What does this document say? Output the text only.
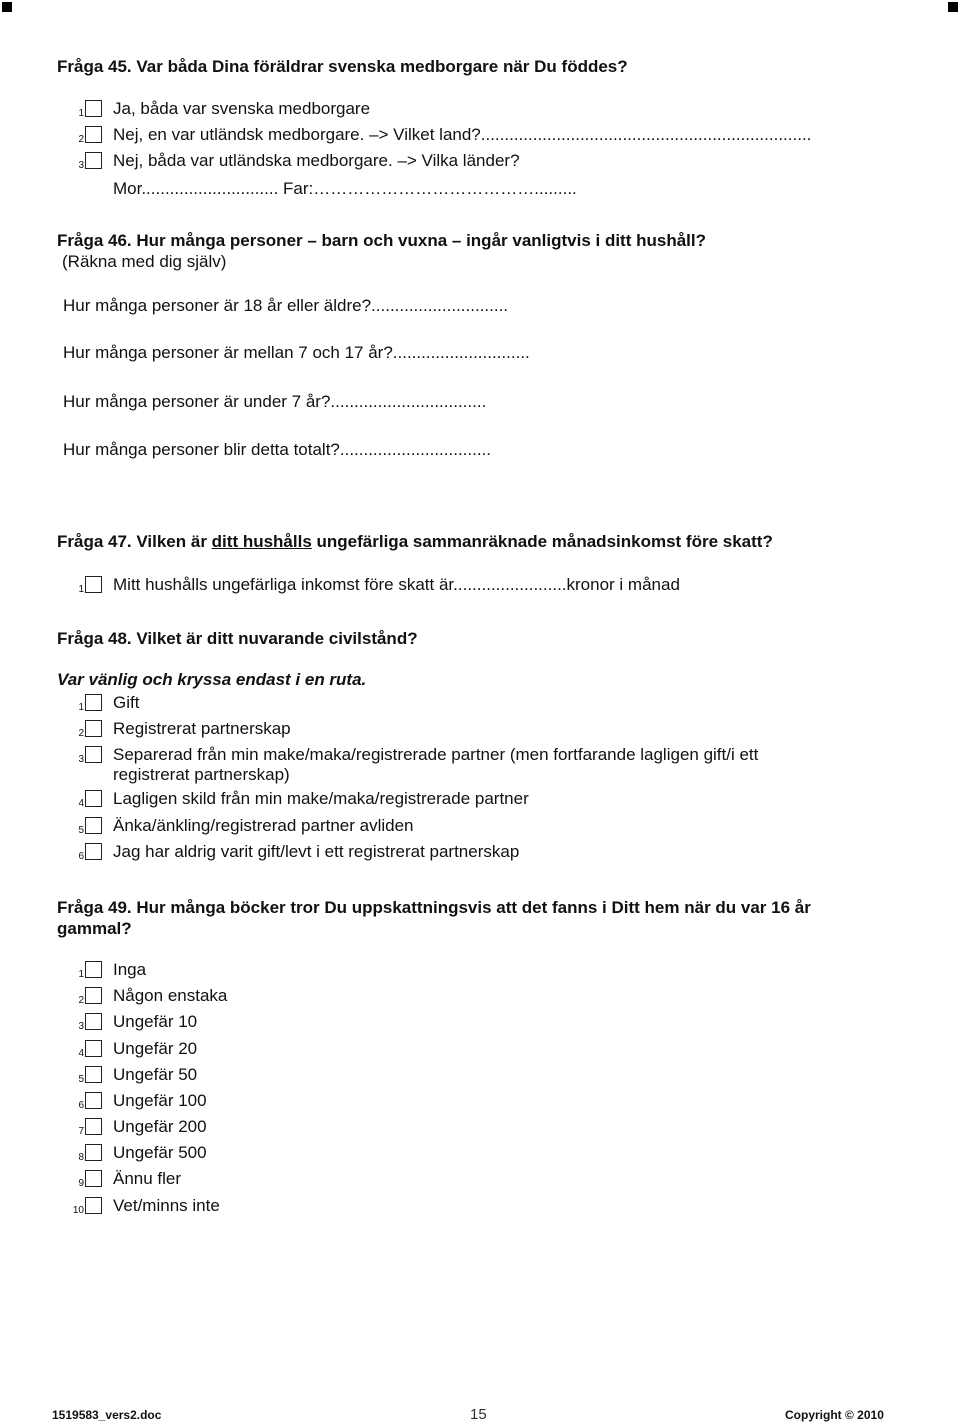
Fråga 45. Var båda Dina föräldrar svenska medborgare när Du föddes?
1 Ja, båda var svenska medborgare
2 Nej, en var utländsk medborgare. –> Vilket land?......................................................................
3 Nej, båda var utländska medborgare. –> Vilka länder?
Mor............................. Far:………………………………….........
Fråga 46. Hur många personer – barn och vuxna – ingår vanligtvis i ditt hushåll?
(Räkna med dig själv)
Hur många personer är 18 år eller äldre?.............................
Hur många personer är mellan 7 och 17 år?.............................
Hur många personer är under 7 år?.................................
Hur många personer blir detta totalt?................................
Fråga 47. Vilken är ditt hushålls ungefärliga sammanräknade månadsinkomst före skatt?
1 Mitt hushålls ungefärliga inkomst före skatt är........................kronor i månad
Fråga 48. Vilket är ditt nuvarande civilstånd?
Var vänlig och kryssa endast i en ruta.
1 Gift
2 Registrerat partnerskap
3 Separerad från min make/maka/registrerade partner (men fortfarande lagligen gift/i ett registrerat partnerskap)
4 Lagligen skild från min make/maka/registrerade partner
5 Änka/änkling/registrerad partner avliden
6 Jag har aldrig varit gift/levt i ett registrerat partnerskap
Fråga 49. Hur många böcker tror Du uppskattningsvis att det fanns i Ditt hem när du var 16 år gammal?
1 Inga
2 Någon enstaka
3 Ungefär 10
4 Ungefär 20
5 Ungefär 50
6 Ungefär 100
7 Ungefär 200
8 Ungefär 500
9 Ännu fler
10 Vet/minns inte
1519583_vers2.doc	15	Copyright © 2010
